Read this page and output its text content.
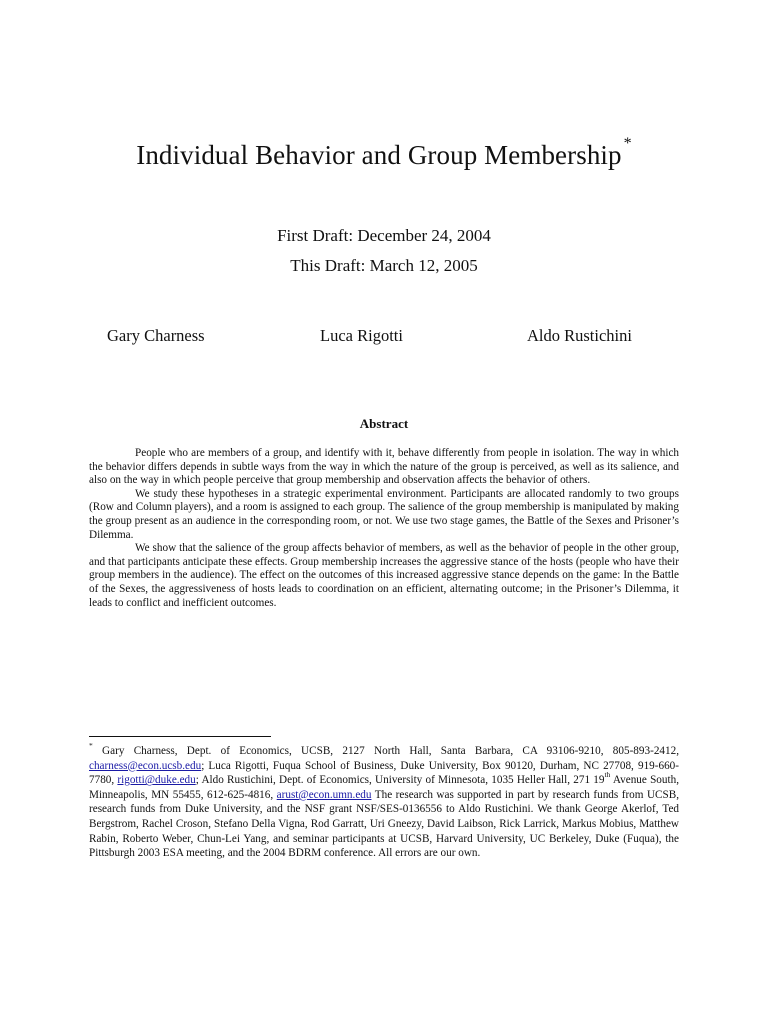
Individual Behavior and Group Membership *

First Draft: December 24, 2004

This Draft: March 12, 2005

Gary Charness	Luca Rigotti	Aldo Rustichini
Abstract

People who are members of a group, and identify with it, behave differently from people in isolation. The way in which the behavior differs depends in subtle ways from the way in which the nature of the group is perceived, as well as its salience, and also on the way in which people perceive that group membership and observation affects the behavior of others.

We study these hypotheses in a strategic experimental environment. Participants are allocated randomly to two groups (Row and Column players), and a room is assigned to each group. The salience of the group membership is manipulated by making the group present as an audience in the corresponding room, or not. We use two stage games, the Battle of the Sexes and Prisoner’s Dilemma.

We show that the salience of the group affects behavior of members, as well as the behavior of people in the other group, and that participants anticipate these effects. Group membership increases the aggressive stance of the hosts (people who have their group members in the audience). The effect on the outcomes of this increased aggressive stance depends on the game: In the Battle of the Sexes, the aggressiveness of hosts leads to coordination on an efficient, alternating outcome; in the Prisoner’s Dilemma, it leads to conflict and inefficient outcomes.

* Gary Charness, Dept. of Economics, UCSB, 2127 North Hall, Santa Barbara, CA 93106-9210, 805-893-2412, charness@econ.ucsb.edu; Luca Rigotti, Fuqua School of Business, Duke University, Box 90120, Durham, NC 27708, 919-660-7780, rigotti@duke.edu; Aldo Rustichini, Dept. of Economics, University of Minnesota, 1035 Heller Hall, 271 19th Avenue South, Minneapolis, MN 55455, 612-625-4816, arust@econ.umn.edu The research was supported in part by research funds from UCSB, research funds from Duke University, and the NSF grant NSF/SES-0136556 to Aldo Rustichini. We thank George Akerlof, Ted Bergstrom, Rachel Croson, Stefano Della Vigna, Rod Garratt, Uri Gneezy, David Laibson, Rick Larrick, Markus Mobius, Matthew Rabin, Roberto Weber, Chun-Lei Yang, and seminar participants at UCSB, Harvard University, UC Berkeley, Duke (Fuqua), the Pittsburgh 2003 ESA meeting, and the 2004 BDRM conference. All errors are our own.
